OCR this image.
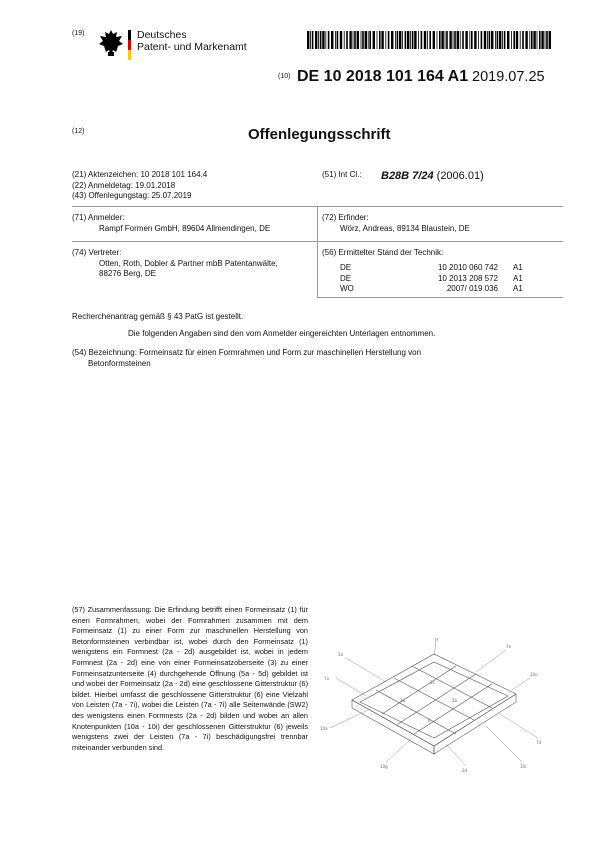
(19)	Deutsches
Patent- und Markenamt
(10) DE 10 2018 101 164 A1 2019.07.25
(12)	Offenlegungsschrift
(21) Aktenzeichen: 10 2018 101 164.4
(22) Anmeldetag: 19.01.2018
(43) Offenlegungstag: 25.07.2019
(51) Int Cl.: B28B 7/24 (2006.01)
(71) Anmelder:
Rampf Formen GmbH, 89604 Allmendingen, DE
(72) Erfinder:
Wörz, Andreas, 89134 Blaustein, DE
(74) Vertreter:
Otten, Roth, Dobler & Partner mbB Patentanwälte,
88276 Berg, DE
(56) Ermittelter Stand der Technik:
DE	10 2010 060 742		A1
DE	10 2013 208 572		A1
WO	2007/ 019 036		A1
Recherchenantrag gemäß § 43 PatG ist gestellt.
Die folgenden Angaben sind den vom Anmelder eingereichten Unterlagen entnommen.
(54) Bezeichnung: Formeinsatz für einen Formrahmen und Form zur maschinellen Herstellung von
Betonformsteinen
(57) Zusammenfassung: Die Erfindung betrifft einen Formeinsatz (1) für einen Formrahmen, wobei der Formrahmen zusammen mit dem Formeinsatz (1) zu einer Form zur maschinellen Herstellung von Betonformsteinen verbindbar ist, wobei durch den Formeinsatz (1) wenigstens ein Formnest (2a - 2d) ausgebildet ist, wobei in jedem Formnest (2a - 2d) eine von einer Formeinsatzoberseite (3) zu einer Formeinsatzunterseite (4) durchgehende Öffnung (5a - 5d) gebildet ist und wobei der Formeinsatz (2a - 2d) eine geschlossene Gitterstruktur (6) bildet. Hierbei umfasst die geschlossene Gitterstruktur (6) eine Vielzahl von Leisten (7a - 7i), wobei die Leisten (7a - 7i) alle Seitenwände (SW2) des wenigstens einen Formnests (2a - 2d) bilden und wobei an allen Knotenpunkten (10a - 10i) der geschlossenen Gitterstruktur (6) jeweils wenigstens zwei der Leisten (7a - 7i) beschädigungsfrei trennbar miteinander verbunden sind.
7a
10a
7f
10c
7d
10g
2d
5a
7e
10i
2a	2b
2c
6
